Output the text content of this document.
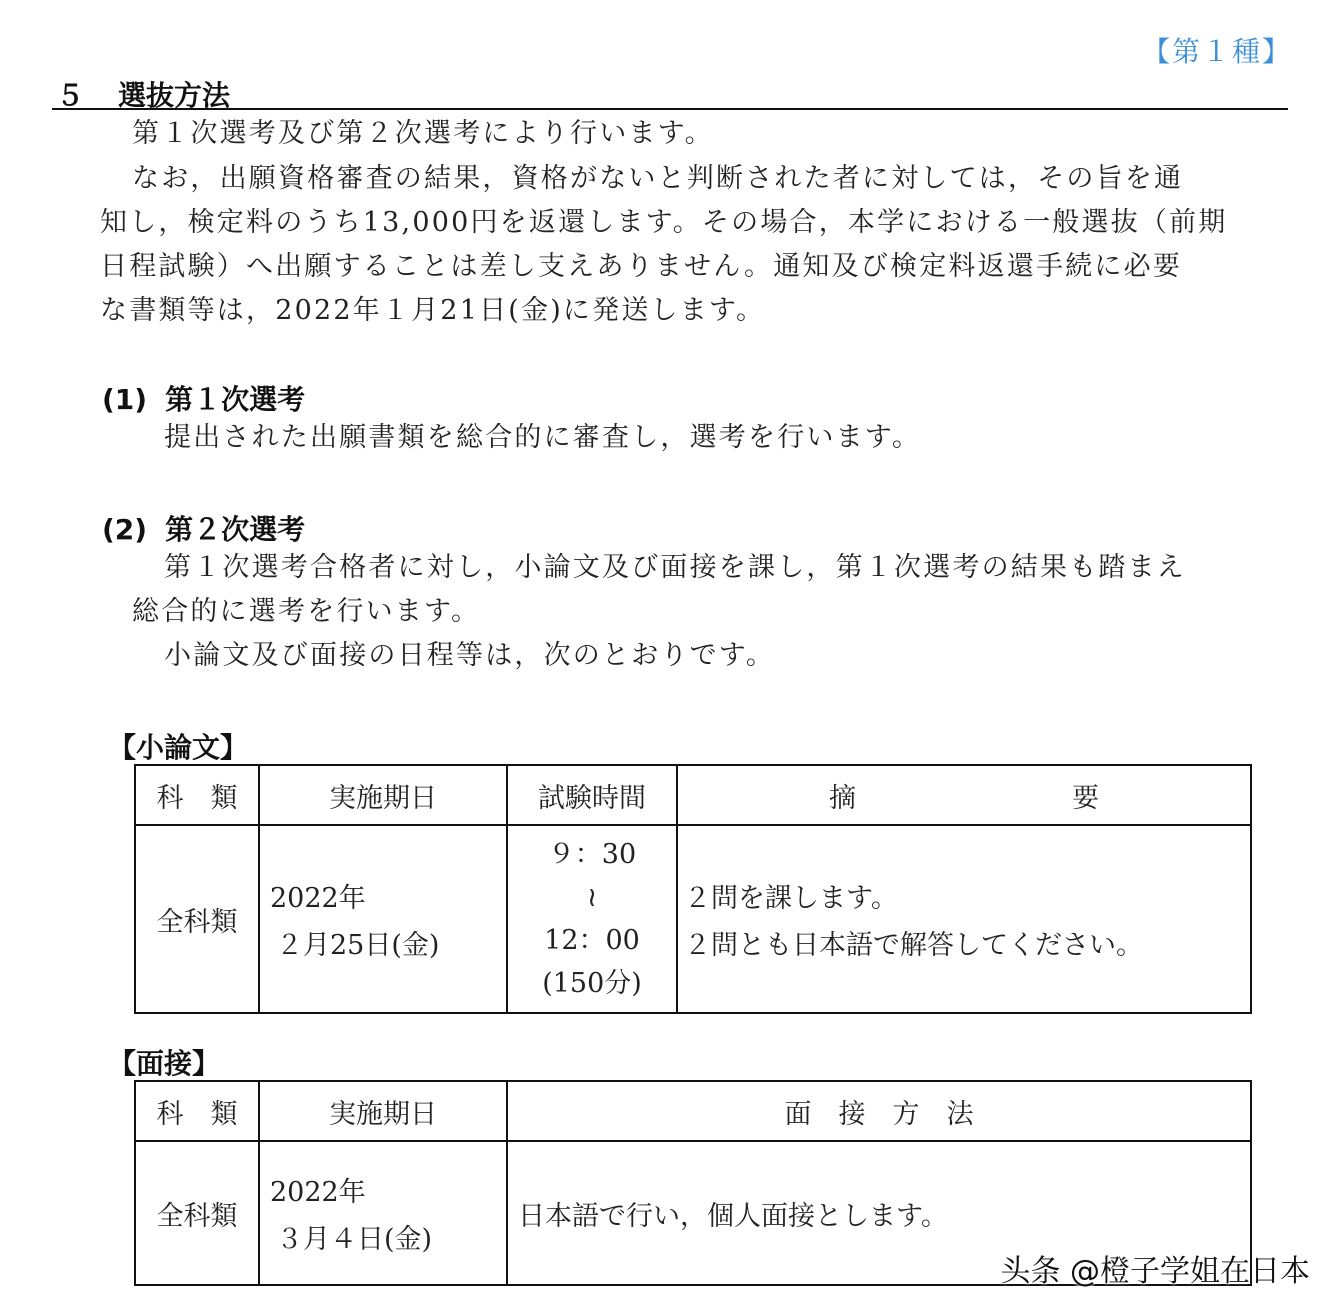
【第１種】
５ 選抜方法
第１次選考及び第２次選考により行います。
なお，出願資格審査の結果，資格がないと判断された者に対しては，その旨を通
知し，検定料のうち13,000円を返還します。その場合，本学における一般選抜（前期
日程試験）へ出願することは差し支えありません。通知及び検定料返還手続に必要
な書類等は，2022年１月21日(金)に発送します。
(1) 第１次選考
提出された出願書類を総合的に審査し，選考を行います。
(2) 第２次選考
第１次選考合格者に対し，小論文及び面接を課し，第１次選考の結果も踏まえ
総合的に選考を行います。
小論文及び面接の日程等は，次のとおりです。
【小論文】
科　類	実施期日	試験時間	摘　　　　　　　　要
全科類	2022年
２月25日(金)	９：30
≀
12：00
(150分)	２問を課します。
２問とも日本語で解答してください。
【面接】
科　類	実施期日	面　接　方　法
全科類	2022年
３月４日(金)	日本語で行い，個人面接とします。
头条 @橙子学姐在日本
